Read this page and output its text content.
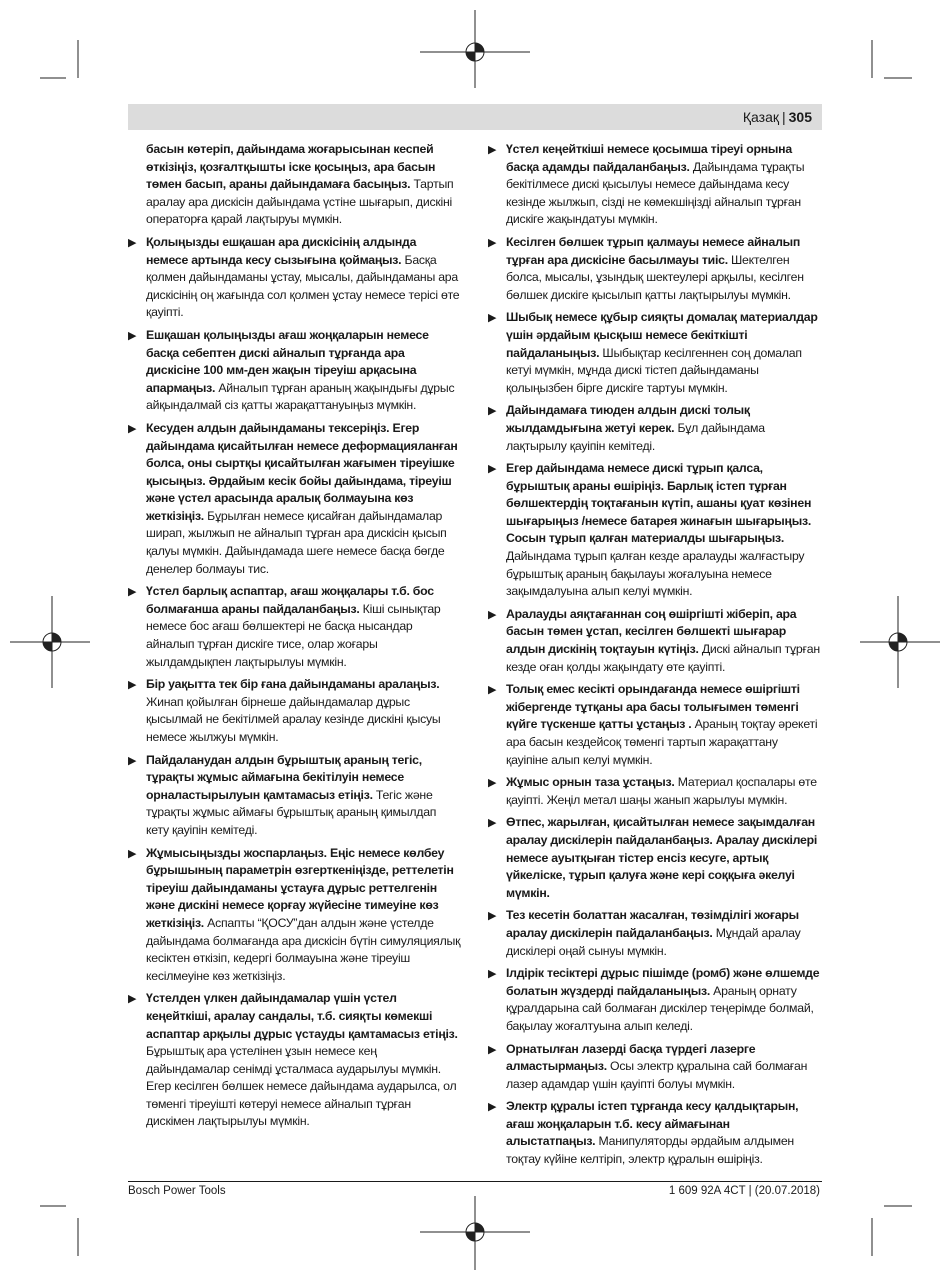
Қазақ | 305
басын көтеріп, дайындама жоғарысынан кеспей өткізіңіз, қозғалтқышты іске қосыңыз, ара басын төмен басып, араны дайындамаға басыңыз. Тартып аралау ара дискісін дайындама үстіне шығарып, дискіні операторға қарай лақтыруы мүмкін.
▶ Қолыңызды ешқашан ара дискісінің алдында немесе артында кесу сызығына қоймаңыз. Басқа қолмен дайындаманы ұстау, мысалы, дайындаманы ара дискісінің оң жағында сол қолмен ұстау немесе терісі өте қауіпті.
▶ Ешқашан қолыңызды ағаш жоңқаларын немесе басқа себептен дискі айналып тұрғанда ара дискісіне 100 мм-ден жақын тіреуіш арқасына апармаңыз. Айналып тұрған араның жақындығы дұрыс айқындалмай сіз қатты жарақаттануыңыз мүмкін.
▶ Кесуден алдын дайындаманы тексеріңіз. Егер дайындама қисайтылған немесе деформацияланған болса, оны сыртқы қисайтылған жағымен тіреуішке қысыңыз. Әрдайым кесік бойы дайындама, тіреуіш және үстел арасында аралық болмауына көз жеткізіңіз. Бұрылған немесе қисайған дайындамалар ширап, жылжып не айналып тұрған ара дискісін қысып қалуы мүмкін. Дайындамада шеге немесе басқа бөгде денелер болмауы тис.
▶ Үстел барлық аспаптар, ағаш жоңқалары т.б. бос болмағанша араны пайдаланбаңыз. Кіші сынықтар немесе бос ағаш бөлшектері не басқа нысандар айналып тұрған дискіге тисе, олар жоғары жылдамдықпен лақтырылуы мүмкін.
▶ Бір уақытта тек бір ғана дайындаманы аралаңыз. Жинап қойылған бірнеше дайындамалар дұрыс қысылмай не бекітілмей аралау кезінде дискіні қысуы немесе жылжуы мүмкін.
▶ Пайдаланудан алдын бұрыштық араның тегіс, тұрақты жұмыс аймағына бекітілуін немесе орналастырылуын қамтамасыз етіңіз. Тегіс және тұрақты жұмыс аймағы бұрыштық араның қимылдап кету қауіпін кемітеді.
▶ Жұмысыңызды жоспарлаңыз. Еңіс немесе көлбеу бұрышының параметрін өзгерткеніңізде, реттелетін тіреуіш дайындаманы ұстауға дұрыс реттелгенін және дискіні немесе қорғау жүйесіне тимеуіне көз жеткізіңіз. Аспапты “ҚОСУ”дан алдын және үстелде дайындама болмағанда ара дискісін бүтін симуляциялық кесіктен өткізіп, кедергі болмауына және тіреуіш кесілмеуіне көз жеткізіңіз.
▶ Үстелден үлкен дайындамалар үшін үстел кеңейткіші, аралау сандалы, т.б. сияқты көмекші аспаптар арқылы дұрыс үстауды қамтамасыз етіңіз. Бұрыштық ара үстелінен ұзын немесе кең дайындамалар сенімді ұсталмаса аударылуы мүмкін. Егер кесілген бөлшек немесе дайындама аударылса, ол төменгі тіреуішті көтеруі немесе айналып тұрған дискімен лақтырылуы мүмкін.
▶ Үстел кеңейткіші немесе қосымша тіреуі орнына басқа адамды пайдаланбаңыз. Дайындама тұрақты бекітілмесе дискі қысылуы немесе дайындама кесу кезінде жылжып, сізді не көмекшіңізді айналып тұрған дискіге жақындатуы мүмкін.
▶ Кесілген бөлшек тұрып қалмауы немесе айналып тұрған ара дискісіне басылмауы тиіс. Шектелген болса, мысалы, ұзындық шектеулері арқылы, кесілген бөлшек дискіге қысылып қатты лақтырылуы мүмкін.
▶ Шыбық немесе құбыр сияқты домалақ материалдар үшін әрдайым қысқыш немесе бекіткішті пайдаланыңыз. Шыбықтар кесілгеннен соң домалап кетуі мүмкін, мұнда дискі тістеп дайындаманы қолыңызбен бірге дискіге тартуы мүмкін.
▶ Дайындамаға тиюден алдын дискі толық жылдамдығына жетуі керек. Бұл дайындама лақтырылу қауіпін кемітеді.
▶ Егер дайындама немесе дискі тұрып қалса, бұрыштық араны өшіріңіз. Барлық істеп тұрған бөлшектердің тоқтағанын күтіп, ашаны қуат көзінен шығарыңыз /немесе батарея жинағын шығарыңыз. Сосын тұрып қалған материалды шығарыңыз. Дайындама тұрып қалған кезде аралауды жалғастыру бұрыштық араның бақылауы жоғалуына немесе зақымдалуына алып келуі мүмкін.
▶ Аралауды аяқтағаннан соң өшіргішті жіберіп, ара басын төмен ұстап, кесілген бөлшекті шығарар алдын дискінің тоқтауын күтіңіз. Дискі айналып тұрған кезде оған қолды жақындату өте қауіпті.
▶ Толық емес кесікті орындағанда немесе өшіргішті жібергенде тұтқаны ара басы толығымен төменгі күйге түскенше қатты ұстаңыз . Араның тоқтау әрекеті ара басын кездейсоқ төменгі тартып жарақаттану қауіпіне алып келуі мүмкін.
▶ Жұмыс орнын таза ұстаңыз. Материал қоспалары өте қауіпті. Жеңіл метал шаңы жанып жарылуы мүмкін.
▶ Өтпес, жарылған, қисайтылған немесе зақымдалған аралау дискілерін пайдаланбаңыз. Аралау дискілері немесе ауытқыған тістер енсіз кесуге, артық үйкеліске, тұрып қалуға және кері соққыға әкелуі мүмкін.
▶ Тез кесетін болаттан жасалған, төзімділігі жоғары аралау дискілерін пайдаланбаңыз. Мұндай аралау дискілері оңай сынуы мүмкін.
▶ Ілдірік тесіктері дұрыс пішімде (ромб) және өлшемде болатын жүздерді пайдаланыңыз. Араның орнату құралдарына сай болмаған дискілер теңерімде болмай, бақылау жоғалтуына алып келеді.
▶ Орнатылған лазерді басқа түрдегі лазерге алмастырмаңыз. Осы электр құралына сай болмаған лазер адамдар үшін қауіпті болуы мүмкін.
▶ Электр құралы істеп тұрғанда кесу қалдықтарын, ағаш жоңқаларын т.б. кесу аймағынан алыстатпаңыз. Манипуляторды әрдайым алдымен тоқтау күйіне келтіріп, электр құралын өшіріңіз.
Bosch Power Tools	1 609 92A 4CT | (20.07.2018)
